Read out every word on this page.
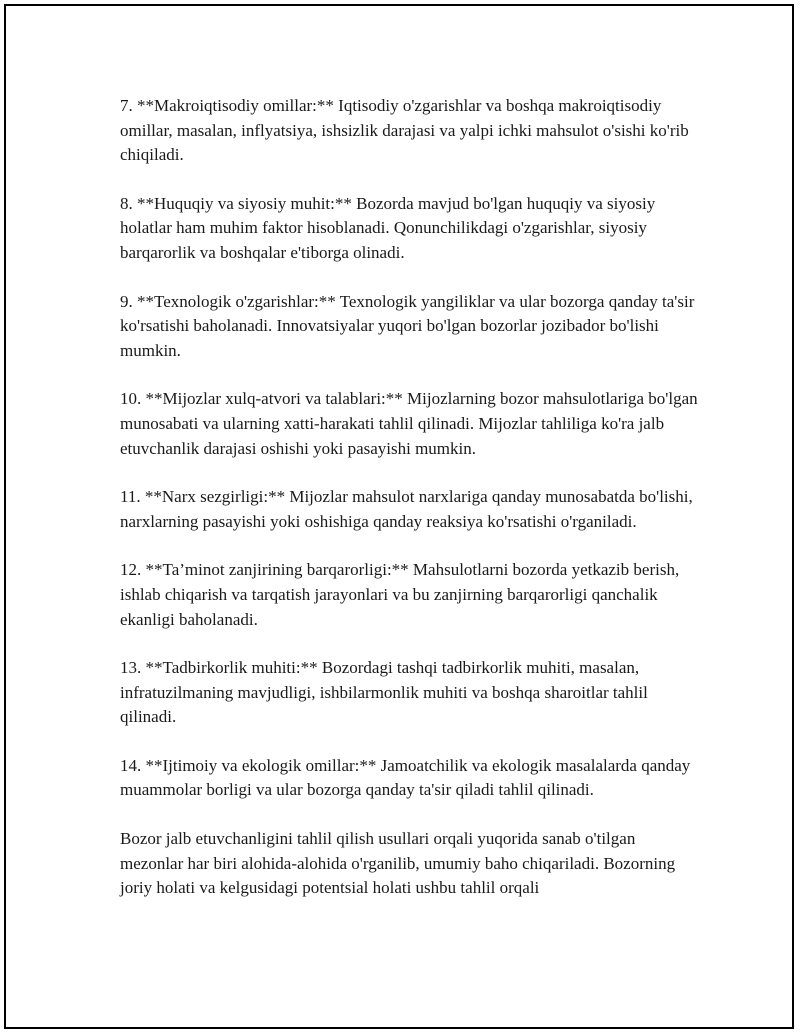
7. **Makroiqtisodiy omillar:** Iqtisodiy o'zgarishlar va boshqa makroiqtisodiy omillar, masalan, inflyatsiya, ishsizlik darajasi va yalpi ichki mahsulot o'sishi ko'rib chiqiladi.

8. **Huquqiy va siyosiy muhit:** Bozorda mavjud bo'lgan huquqiy va siyosiy holatlar ham muhim faktor hisoblanadi. Qonunchilikdagi o'zgarishlar, siyosiy barqarorlik va boshqalar e'tiborga olinadi.

9. **Texnologik o'zgarishlar:** Texnologik yangiliklar va ular bozorga qanday ta'sir ko'rsatishi baholanadi. Innovatsiyalar yuqori bo'lgan bozorlar jozibador bo'lishi mumkin.

10. **Mijozlar xulq-atvori va talablari:** Mijozlarning bozor mahsulotlariga bo'lgan munosabati va ularning xatti-harakati tahlil qilinadi. Mijozlar tahliliga ko'ra jalb etuvchanlik darajasi oshishi yoki pasayishi mumkin.

11. **Narx sezgirligi:** Mijozlar mahsulot narxlariga qanday munosabatda bo'lishi, narxlarning pasayishi yoki oshishiga qanday reaksiya ko'rsatishi o'rganiladi.

12. **Ta’minot zanjirining barqarorligi:** Mahsulotlarni bozorda yetkazib berish, ishlab chiqarish va tarqatish jarayonlari va bu zanjirning barqarorligi qanchalik ekanligi baholanadi.

13. **Tadbirkorlik muhiti:** Bozordagi tashqi tadbirkorlik muhiti, masalan, infratuzilmaning mavjudligi, ishbilarmonlik muhiti va boshqa sharoitlar tahlil qilinadi.

14. **Ijtimoiy va ekologik omillar:** Jamoatchilik va ekologik masalalarda qanday muammolar borligi va ular bozorga qanday ta'sir qiladi tahlil qilinadi.

Bozor jalb etuvchanligini tahlil qilish usullari orqali yuqorida sanab o'tilgan mezonlar har biri alohida-alohida o'rganilib, umumiy baho chiqariladi. Bozorning joriy holati va kelgusidagi potentsial holati ushbu tahlil orqali
